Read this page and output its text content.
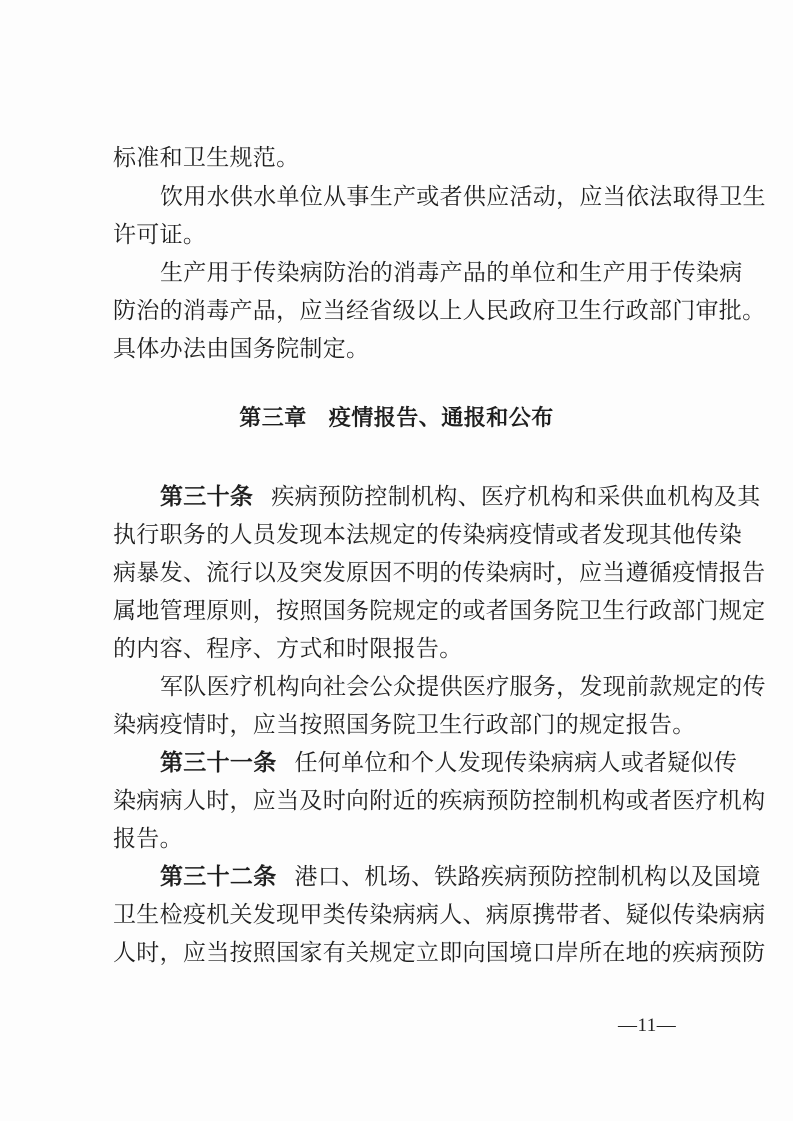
标准和卫生规范。
饮用水供水单位从事生产或者供应活动，应当依法取得卫生
许可证。
生产用于传染病防治的消毒产品的单位和生产用于传染病
防治的消毒产品，应当经省级以上人民政府卫生行政部门审批。
具体办法由国务院制定。
第三章 疫情报告、通报和公布
第三十条 疾病预防控制机构、医疗机构和采供血机构及其
执行职务的人员发现本法规定的传染病疫情或者发现其他传染
病暴发、流行以及突发原因不明的传染病时，应当遵循疫情报告
属地管理原则，按照国务院规定的或者国务院卫生行政部门规定
的内容、程序、方式和时限报告。
军队医疗机构向社会公众提供医疗服务，发现前款规定的传
染病疫情时，应当按照国务院卫生行政部门的规定报告。
第三十一条 任何单位和个人发现传染病病人或者疑似传
染病病人时，应当及时向附近的疾病预防控制机构或者医疗机构
报告。
第三十二条 港口、机场、铁路疾病预防控制机构以及国境
卫生检疫机关发现甲类传染病病人、病原携带者、疑似传染病病
人时，应当按照国家有关规定立即向国境口岸所在地的疾病预防
—11—
